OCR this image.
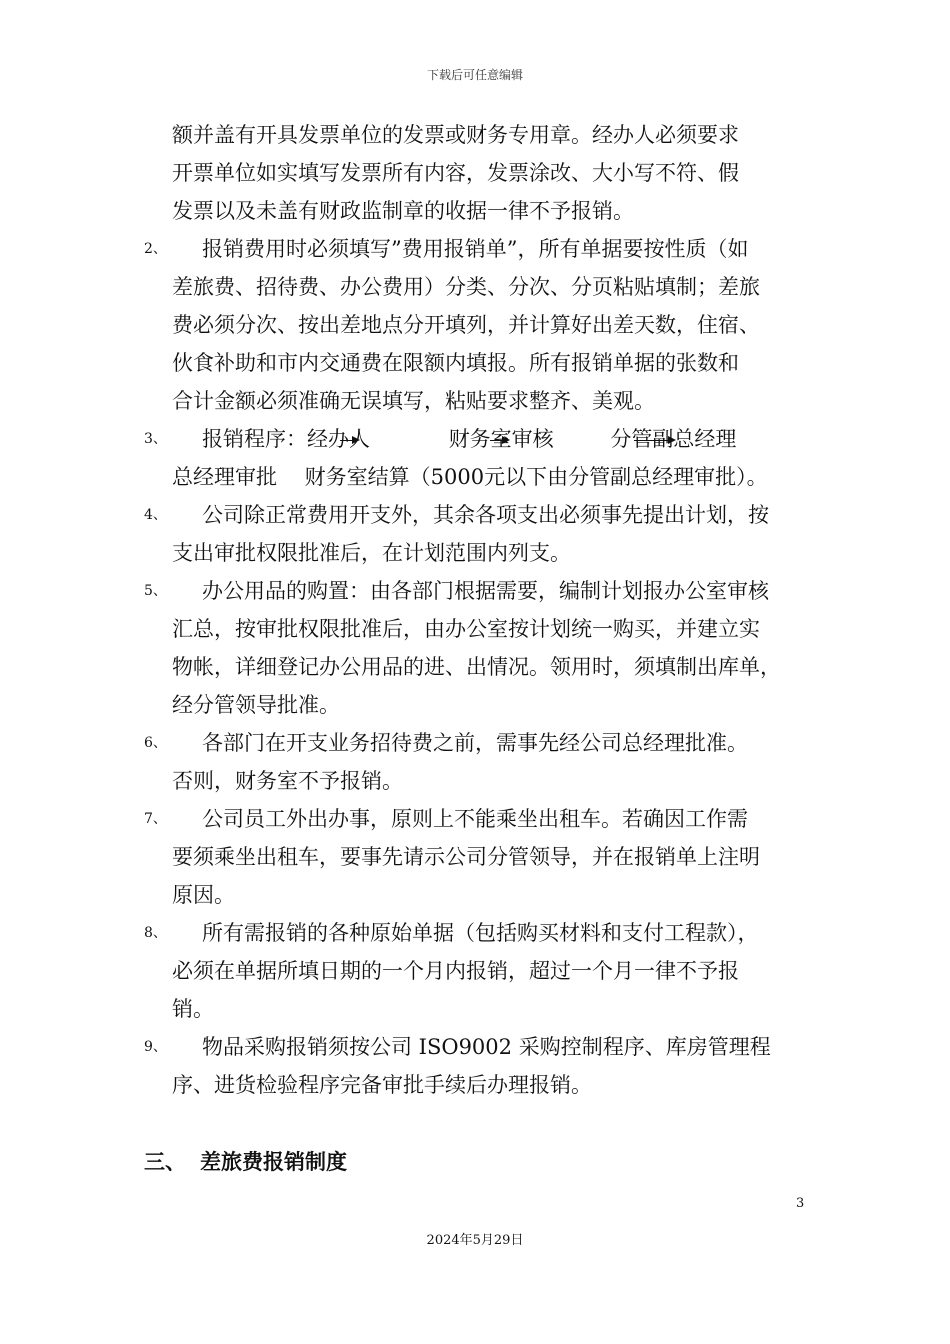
下载后可任意编辑
额并盖有开具发票单位的发票或财务专用章。经办人必须要求
开票单位如实填写发票所有内容，发票涂改、大小写不符、假
发票以及未盖有财政监制章的收据一律不予报销。
2、	报销费用时必须填写”费用报销单”，所有单据要按性质（如
差旅费、招待费、办公费用）分类、分次、分页粘贴填制；差旅
费必须分次、按出差地点分开填列，并计算好出差天数，住宿、
伙食补助和市内交通费在限额内填报。所有报销单据的张数和
合计金额必须准确无误填写，粘贴要求整齐、美观。
3、	报销程序：经办人	财务室审核	分管副总经理
总经理审批　 财务室结算（5000元以下由分管副总经理审批）。
4、	公司除正常费用开支外，其余各项支出必须事先提出计划，按
支出审批权限批准后，在计划范围内列支。
5、	办公用品的购置：由各部门根据需要，编制计划报办公室审核
汇总，按审批权限批准后，由办公室按计划统一购买，并建立实
物帐，详细登记办公用品的进、出情况。领用时，须填制出库单，
经分管领导批准。
6、	各部门在开支业务招待费之前，需事先经公司总经理批准。
否则，财务室不予报销。
7、	公司员工外出办事，原则上不能乘坐出租车。若确因工作需
要须乘坐出租车，要事先请示公司分管领导，并在报销单上注明
原因。
8、	所有需报销的各种原始单据（包括购买材料和支付工程款），
必须在单据所填日期的一个月内报销，超过一个月一律不予报
销。
9、	物品采购报销须按公司 ISO9002 采购控制程序、库房管理程
序、进货检验程序完备审批手续后办理报销。
三、 差旅费报销制度
3
2024年5月29日
